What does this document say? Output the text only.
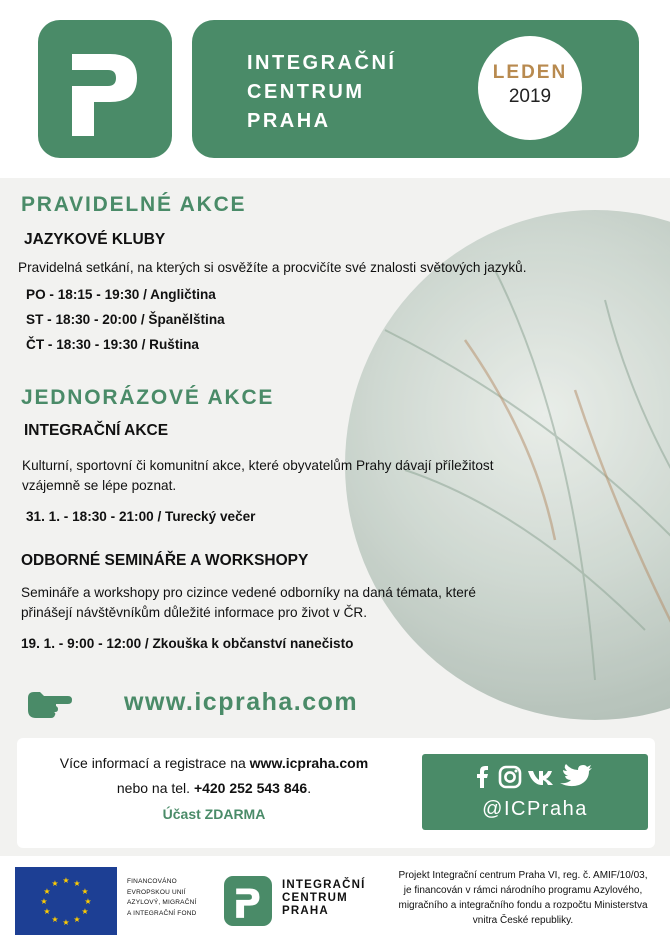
INTEGRAČNÍ
CENTRUM
PRAHA
LEDEN
2019
PRAVIDELNÉ AKCE
JAZYKOVÉ KLUBY
Pravidelná setkání, na kterých si osvěžíte a procvičíte své znalosti světových jazyků.
PO - 18:15 - 19:30 / Angličtina
ST - 18:30 - 20:00 / Španělština
ČT - 18:30 - 19:30 / Ruština
JEDNORÁZOVÉ AKCE
INTEGRAČNÍ AKCE
Kulturní, sportovní či komunitní akce, které obyvatelům Prahy dávají příležitost
vzájemně se lépe poznat.
31. 1. - 18:30 - 21:00 / Turecký večer
ODBORNÉ SEMINÁŘE A WORKSHOPY
Semináře a workshopy pro cizince vedené odborníky na daná témata, které
přinášejí návštěvníkům důležité informace pro život v ČR.
19. 1. - 9:00 - 12:00 / Zkouška k občanství nanečisto
www.icpraha.com
Více informací a registrace na www.icpraha.com
nebo na tel. +420 252 543 846.
Účast ZDARMA	@ICPraha
★ ★
★
★
★
★
★
★
★
★
★
★	FINANCOVÁNO
EVROPSKOU UNIÍ
AZYLOVÝ, MIGRAČNÍ
A INTEGRAČNÍ FOND
INTEGRAČNÍ
CENTRUM
PRAHA
Projekt Integrační centrum Praha VI, reg. č. AMIF/10/03,
je financován v rámci národního programu Azylového,
migračního a integračního fondu a rozpočtu Ministerstva
vnitra České republiky.
